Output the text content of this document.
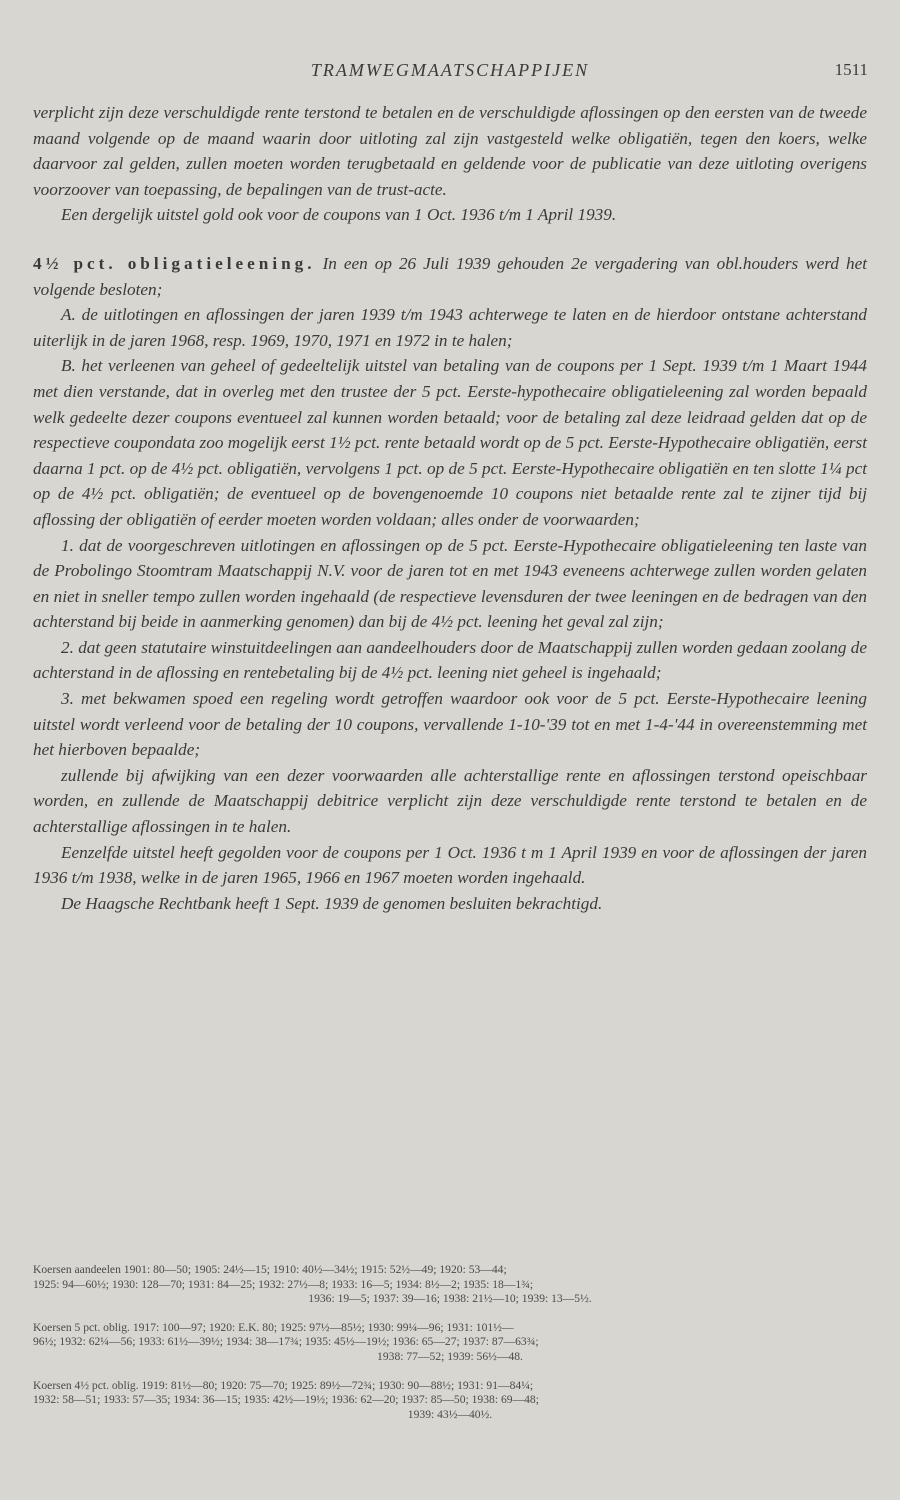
TRAMWEGMAATSCHAPPIJEN	1511

verplicht zijn deze verschuldigde rente terstond te betalen en de verschuldigde aflossingen op den eersten van de tweede maand volgende op de maand waarin door uitloting zal zijn vastgesteld welke obligatiën, tegen den koers, welke daarvoor zal gelden, zullen moeten worden terugbetaald en geldende voor de publicatie van deze uitloting overigens voorzoover van toepassing, de bepalingen van de trust-acte.

Een dergelijk uitstel gold ook voor de coupons van 1 Oct. 1936 t/m 1 April 1939.

4½ pct. obligatieleening. In een op 26 Juli 1939 gehouden 2e vergadering van obl.houders werd het volgende besloten;

A. de uitlotingen en aflossingen der jaren 1939 t/m 1943 achterwege te laten en de hierdoor ontstane achterstand uiterlijk in de jaren 1968, resp. 1969, 1970, 1971 en 1972 in te halen;

B. het verleenen van geheel of gedeeltelijk uitstel van betaling van de coupons per 1 Sept. 1939 t/m 1 Maart 1944 met dien verstande, dat in overleg met den trustee der 5 pct. Eerste-hypothecaire obligatieleening zal worden bepaald welk gedeelte dezer coupons eventueel zal kunnen worden betaald; voor de betaling zal deze leidraad gelden dat op de respectieve coupondata zoo mogelijk eerst 1½ pct. rente betaald wordt op de 5 pct. Eerste-Hypothecaire obligatiën, eerst daarna 1 pct. op de 4½ pct. obligatiën, vervolgens 1 pct. op de 5 pct. Eerste-Hypothecaire obligatiën en ten slotte 1¼ pct op de 4½ pct. obligatiën; de eventueel op de bovengenoemde 10 coupons niet betaalde rente zal te zijner tijd bij aflossing der obligatiën of eerder moeten worden voldaan; alles onder de voorwaarden;

1. dat de voorgeschreven uitlotingen en aflossingen op de 5 pct. Eerste-Hypothecaire obligatieleening ten laste van de Probolingo Stoomtram Maatschappij N.V. voor de jaren tot en met 1943 eveneens achterwege zullen worden gelaten en niet in sneller tempo zullen worden ingehaald (de respectieve levensduren der twee leeningen en de bedragen van den achterstand bij beide in aanmerking genomen) dan bij de 4½ pct. leening het geval zal zijn;

2. dat geen statutaire winstuitdeelingen aan aandeelhouders door de Maatschappij zullen worden gedaan zoolang de achterstand in de aflossing en rentebetaling bij de 4½ pct. leening niet geheel is ingehaald;

3. met bekwamen spoed een regeling wordt getroffen waardoor ook voor de 5 pct. Eerste-Hypothecaire leening uitstel wordt verleend voor de betaling der 10 coupons, vervallende 1-10-'39 tot en met 1-4-'44 in overeenstemming met het hierboven bepaalde;

zullende bij afwijking van een dezer voorwaarden alle achterstallige rente en aflossingen terstond opeischbaar worden, en zullende de Maatschappij debitrice verplicht zijn deze verschuldigde rente terstond te betalen en de achterstallige aflossingen in te halen.

Eenzelfde uitstel heeft gegolden voor de coupons per 1 Oct. 1936 t m 1 April 1939 en voor de aflossingen der jaren 1936 t/m 1938, welke in de jaren 1965, 1966 en 1967 moeten worden ingehaald.

De Haagsche Rechtbank heeft 1 Sept. 1939 de genomen besluiten bekrachtigd.

Koersen aandeelen 1901: 80—50; 1905: 24½—15; 1910: 40½—34½; 1915: 52½—49; 1920: 53—44;
1925: 94—60½; 1930: 128—70; 1931: 84—25; 1932: 27½—8; 1933: 16—5; 1934: 8½—2; 1935: 18—1¾;
1936: 19—5; 1937: 39—16; 1938: 21½—10; 1939: 13—5½.
Koersen 5 pct. oblig. 1917: 100—97; 1920: E.K. 80; 1925: 97½—85½; 1930: 99¼—96; 1931: 101½—
96½; 1932: 62¼—56; 1933: 61½—39½; 1934: 38—17¾; 1935: 45½—19½; 1936: 65—27; 1937: 87—63¾;
1938: 77—52; 1939: 56½—48.
Koersen 4½ pct. oblig. 1919: 81½—80; 1920: 75—70; 1925: 89½—72¾; 1930: 90—88½; 1931: 91—84¼;
1932: 58—51; 1933: 57—35; 1934: 36—15; 1935: 42½—19½; 1936: 62—20; 1937: 85—50; 1938: 69—48;
1939: 43½—40½.
